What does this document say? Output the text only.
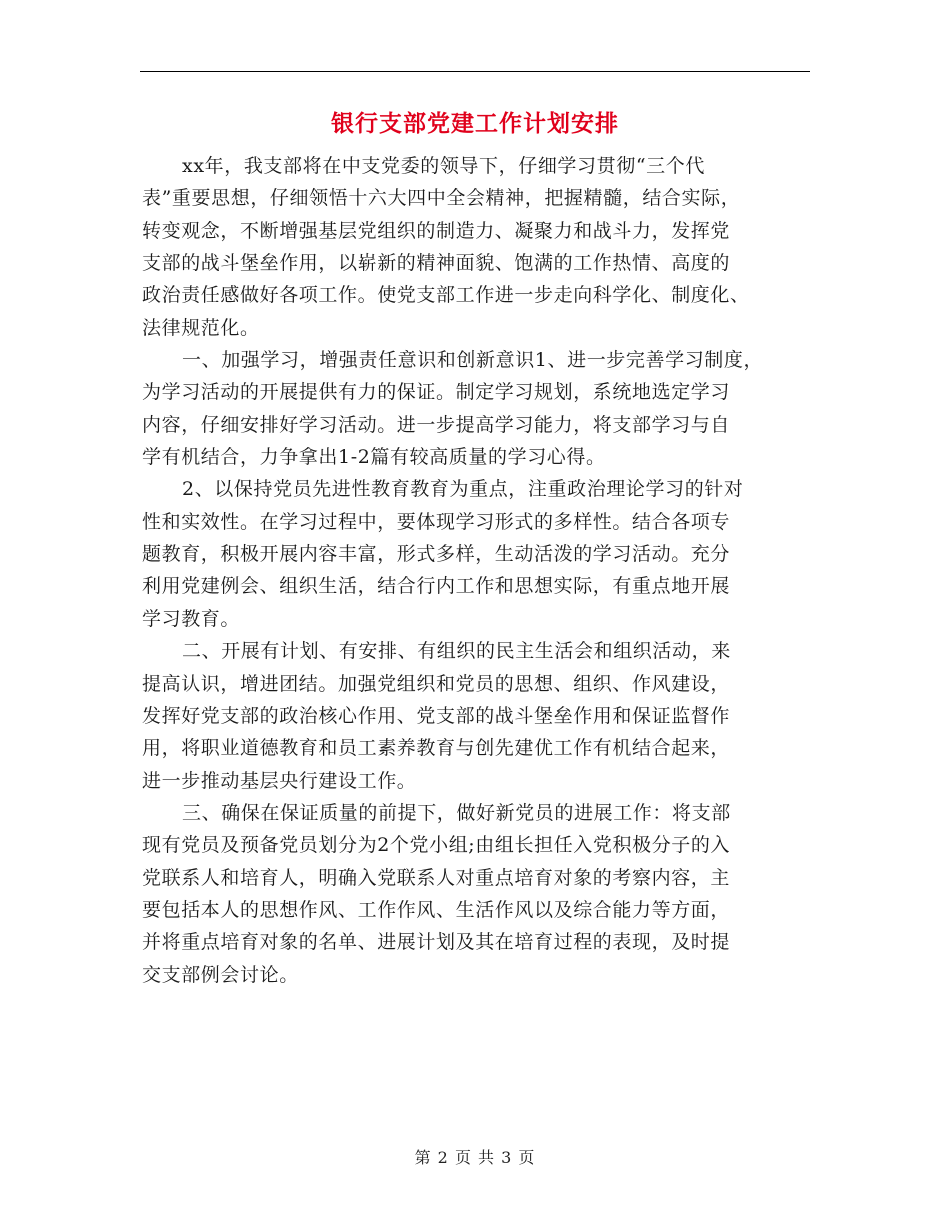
银行支部党建工作计划安排
xx年，我支部将在中支党委的领导下，仔细学习贯彻“三个代
表”重要思想，仔细领悟十六大四中全会精神，把握精髓，结合实际，
转变观念，不断增强基层党组织的制造力、凝聚力和战斗力，发挥党
支部的战斗堡垒作用，以崭新的精神面貌、饱满的工作热情、高度的
政治责任感做好各项工作。使党支部工作进一步走向科学化、制度化、
法律规范化。
一、加强学习，增强责任意识和创新意识1、进一步完善学习制度，
为学习活动的开展提供有力的保证。制定学习规划，系统地选定学习
内容，仔细安排好学习活动。进一步提高学习能力，将支部学习与自
学有机结合，力争拿出1-2篇有较高质量的学习心得。
2、以保持党员先进性教育教育为重点，注重政治理论学习的针对
性和实效性。在学习过程中，要体现学习形式的多样性。结合各项专
题教育，积极开展内容丰富，形式多样，生动活泼的学习活动。充分
利用党建例会、组织生活，结合行内工作和思想实际，有重点地开展
学习教育。
二、开展有计划、有安排、有组织的民主生活会和组织活动，来
提高认识，增进团结。加强党组织和党员的思想、组织、作风建设，
发挥好党支部的政治核心作用、党支部的战斗堡垒作用和保证监督作
用，将职业道德教育和员工素养教育与创先建优工作有机结合起来，
进一步推动基层央行建设工作。
三、确保在保证质量的前提下，做好新党员的进展工作：将支部
现有党员及预备党员划分为2个党小组;由组长担任入党积极分子的入
党联系人和培育人，明确入党联系人对重点培育对象的考察内容，主
要包括本人的思想作风、工作作风、生活作风以及综合能力等方面，
并将重点培育对象的名单、进展计划及其在培育过程的表现，及时提
交支部例会讨论。
第 2 页 共 3 页
